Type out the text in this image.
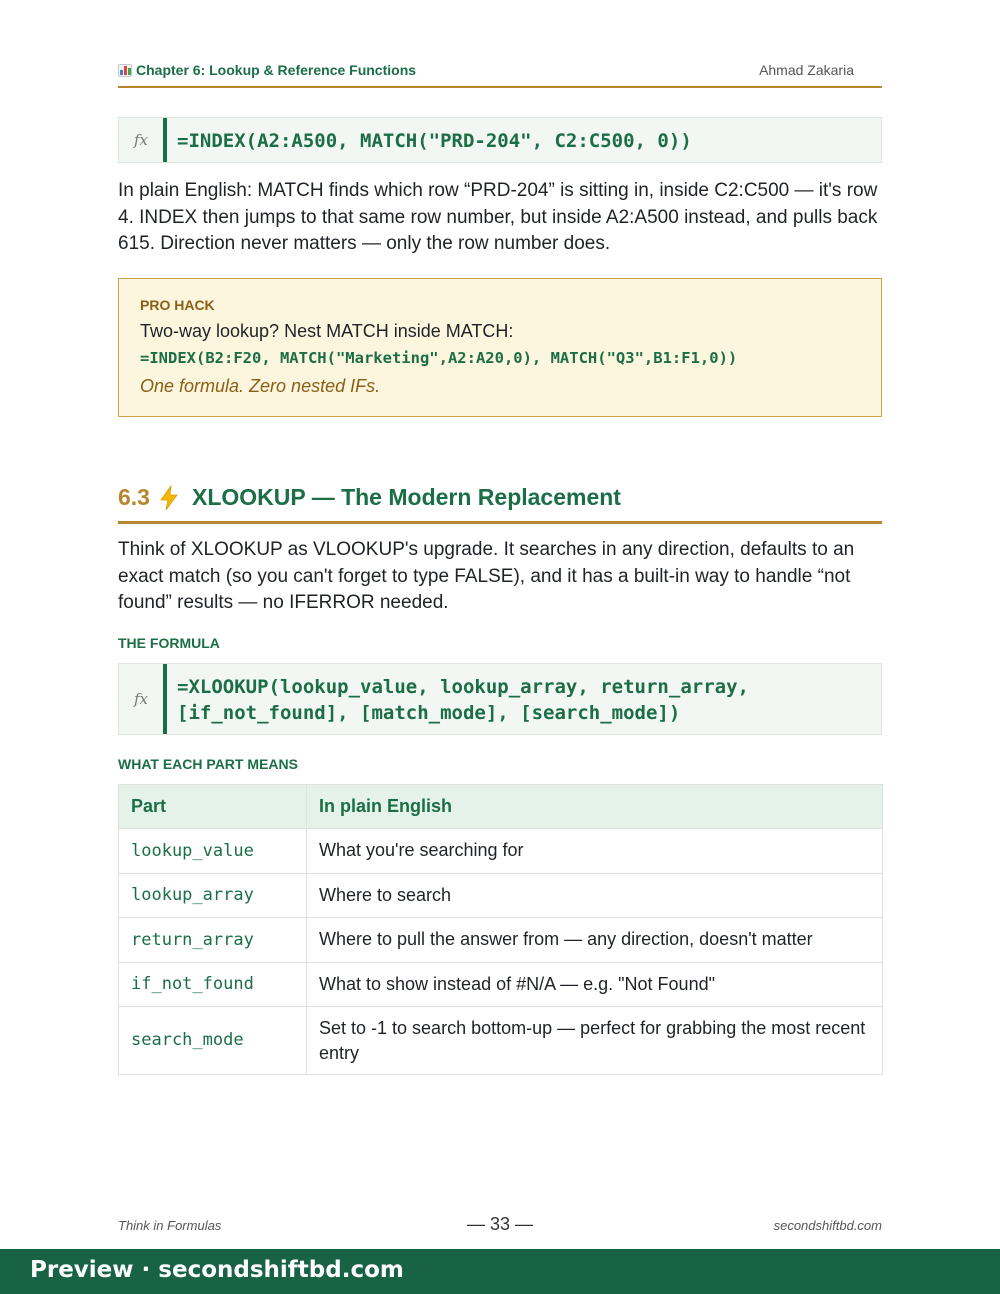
Chapter 6: Lookup & Reference Functions	Ahmad Zakaria
fx	=INDEX(A2:A500, MATCH("PRD-204", C2:C500, 0))
In plain English: MATCH finds which row “PRD-204” is sitting in, inside C2:C500 — it's row 4. INDEX then jumps to that same row number, but inside A2:A500 instead, and pulls back 615. Direction never matters — only the row number does.
PRO HACK
Two-way lookup? Nest MATCH inside MATCH:
=INDEX(B2:F20, MATCH("Marketing",A2:A20,0), MATCH("Q3",B1:F1,0))
One formula. Zero nested IFs.
6.3 XLOOKUP — The Modern Replacement
Think of XLOOKUP as VLOOKUP's upgrade. It searches in any direction, defaults to an exact match (so you can't forget to type FALSE), and it has a built-in way to handle “not found” results — no IFERROR needed.
THE FORMULA
fx
=XLOOKUP(lookup_value, lookup_array, return_array,
[if_not_found], [match_mode], [search_mode])
WHAT EACH PART MEANS
Part	In plain English
lookup_value	What you're searching for
lookup_array	Where to search
return_array	Where to pull the answer from — any direction, doesn't matter
if_not_found	What to show instead of #N/A — e.g. "Not Found"
search_mode	Set to -1 to search bottom-up — perfect for grabbing the most recent entry
Think in Formulas	— 33 —	secondshiftbd.com
Preview · secondshiftbd.com
